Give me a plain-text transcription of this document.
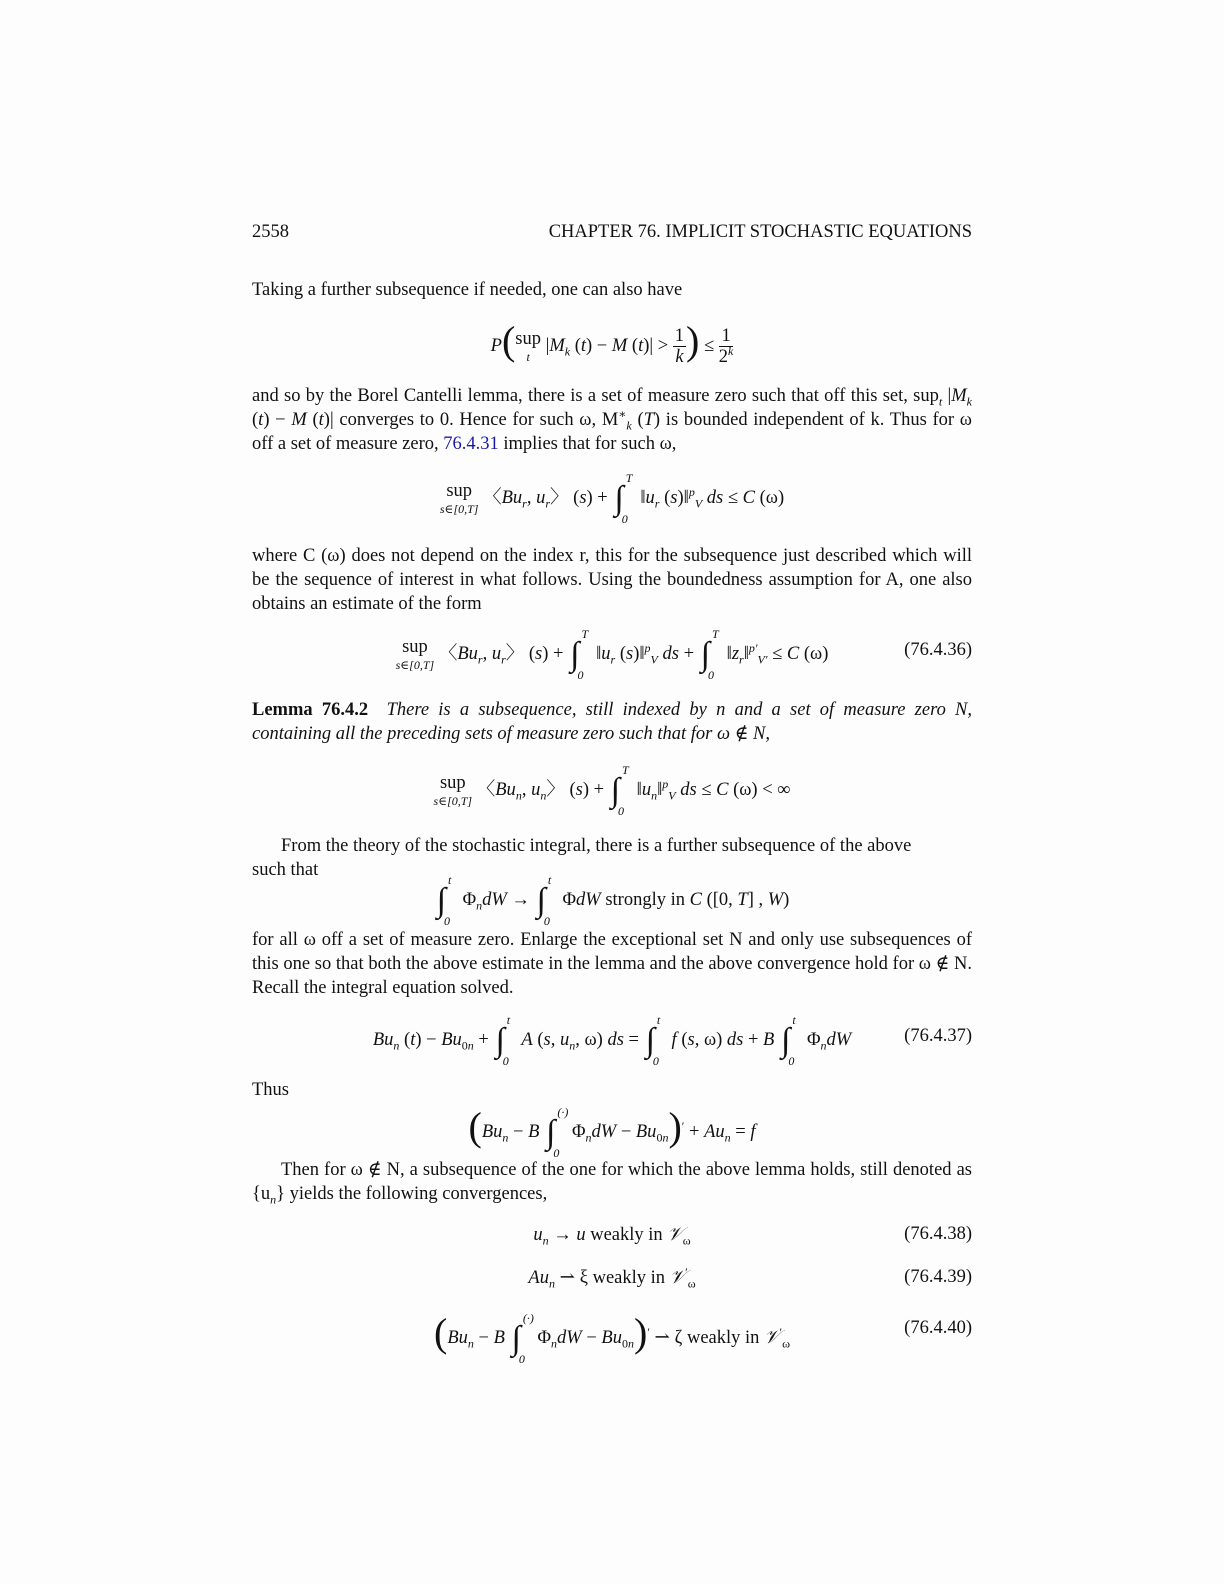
2558	CHAPTER 76. IMPLICIT STOCHASTIC EQUATIONS
Taking a further subsequence if needed, one can also have
P(sup
t
$|M_k$ (t) − M $(t)| > \frac{1}{k}$ ) ≤ $\frac{1}{2^k}$
and so by the Borel Cantelli lemma, there is a set of measure zero such that off this set, sup$_t$ $|M_k$ (t) − M (t)| converges to 0. Hence for such ω, $M^∗_k$ (T) is bounded independent of k. Thus for ω off a set of measure zero, 76.4.31 implies that for such ω,
sup
s∈[0,T]
〈$Bu_r$, $u_r$〉 (s) + ∫
T
0
$‖u_r$ (s)‖$^p_V$ ds ≤ C (ω)
where C (ω) does not depend on the index r, this for the subsequence just described which will be the sequence of interest in what follows. Using the boundedness assumption for A, one also obtains an estimate of the form
sup
s∈[0,T]
〈$Bu_r$, $u_r$〉 (s) + ∫
T
0
$‖u_r$ (s)‖$^p_V$ ds + ∫
T
0
$‖z_r‖^{p'}_{V'} \le C$ (ω)	(76.4.36)
Lemma 76.4.2 There is a subsequence, still indexed by n and a set of measure zero N, containing all the preceding sets of measure zero such that for ω ∉ N,
sup
s∈[0,T]
〈$Bu_n$, $u_n$〉 (s) + ∫
T
0
$‖u_n‖^p_V$ ds ≤ C (ω) < ∞
From the theory of the stochastic integral, there is a further subsequence of the above
such that
∫
t
0
$\Phi_ndW$ → ∫
t
0
ΦdW strongly in C ([0, T] , W)
for all ω off a set of measure zero. Enlarge the exceptional set N and only use subsequences of this one so that both the above estimate in the lemma and the above convergence hold for ω ∉ N. Recall the integral equation solved.
$Bu_n$ $(t) - Bu_{0n}$ + ∫
t
0
A (s, $u_n$, ω) ds = ∫
t
0
f (s, ω) ds + B ∫
t
0
$\Phi_ndW$	(76.4.37)
Thus
($Bu_n - B$ ∫
(·)
0
$\Phi_ndW - Bu_{0n})' + Au_n = f$
Then for ω ∉ N, a subsequence of the one for which the above lemma holds, still denoted as $\{u_n\}$ yields the following convergences,
$u_n \to u$ weakly in 𝒱$_\omega$	(76.4.38)
$Au_n$ ⇀ ξ weakly in 𝒱′$_\omega$	(76.4.39)
($Bu_n - B$ ∫
(·)
0
$\Phi_ndW - Bu_{0n})'$ ⇀ ζ weakly in 𝒱′$_\omega$
(76.4.40)
